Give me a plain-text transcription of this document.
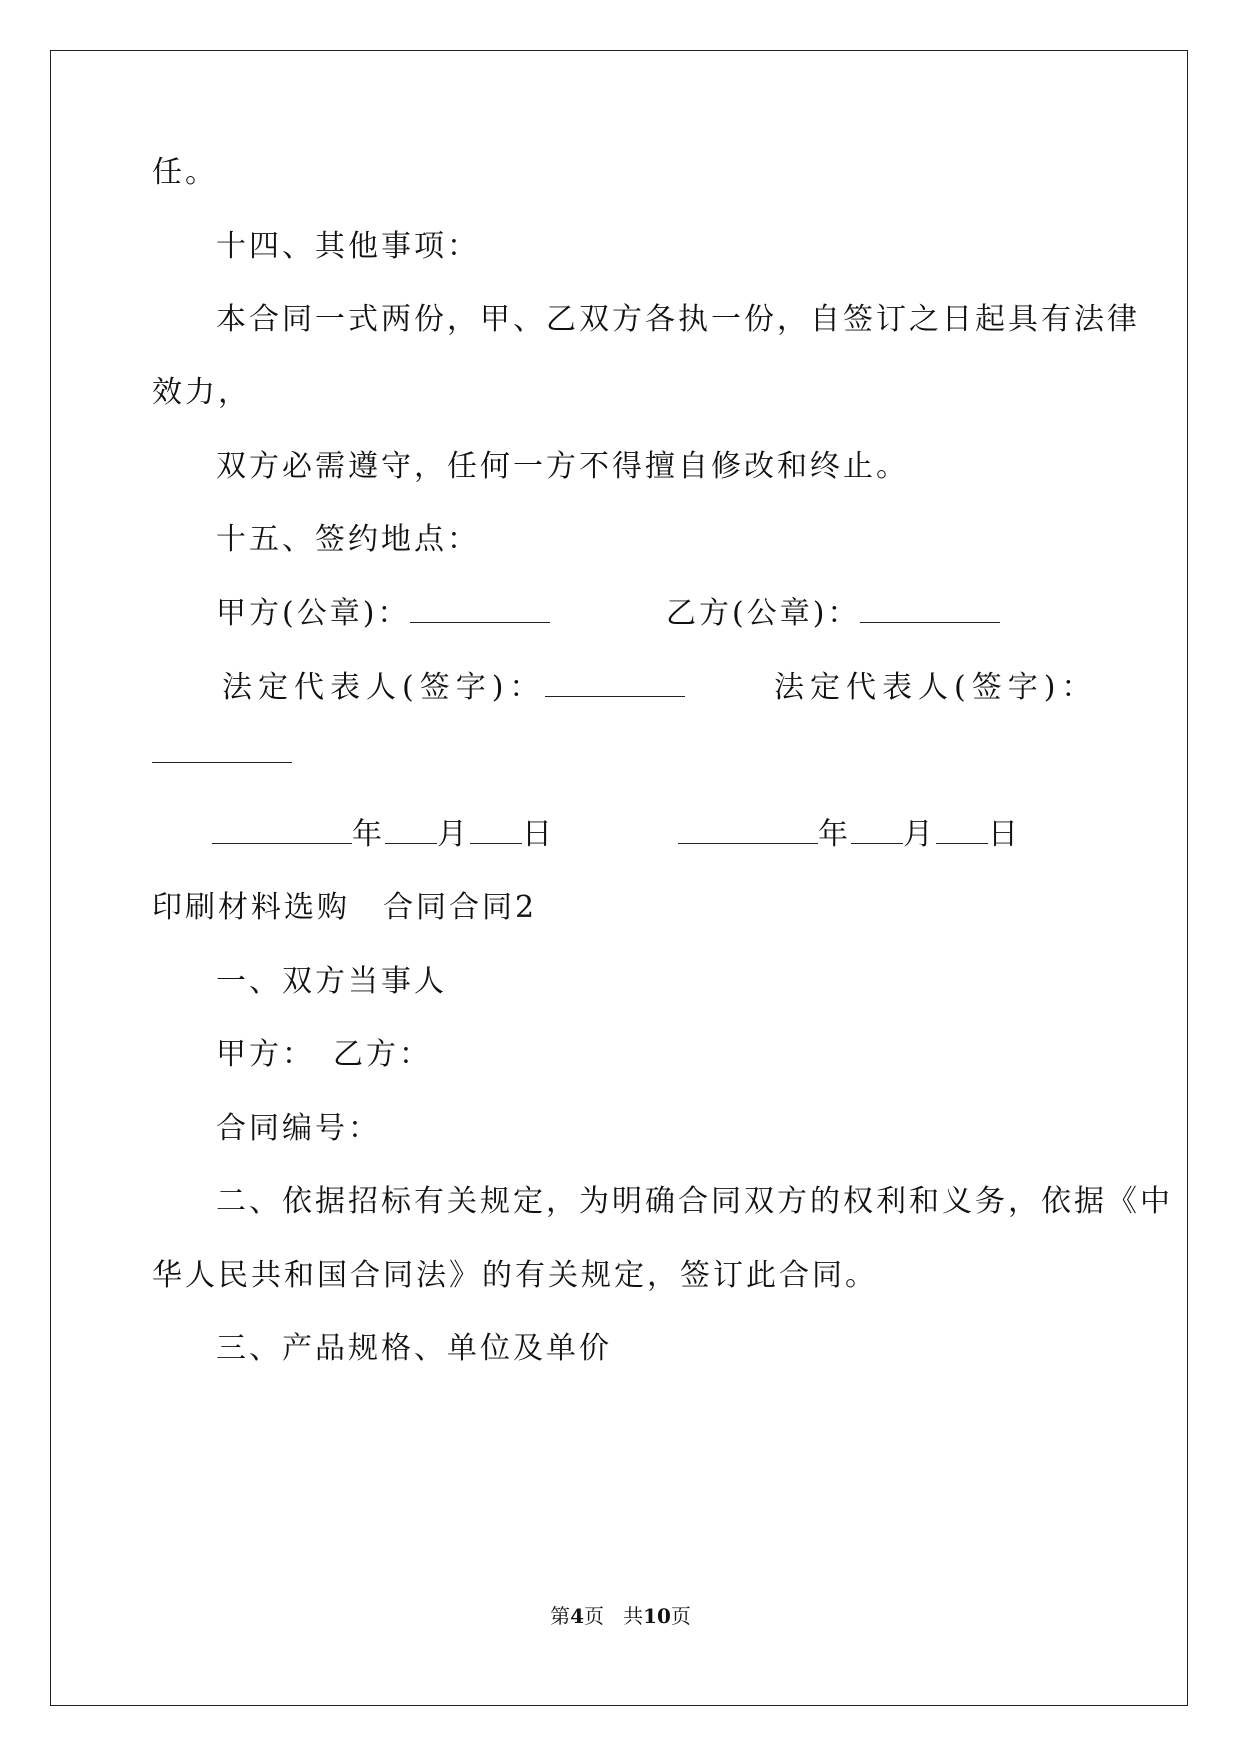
任。
十四、其他事项：
本合同一式两份，甲、乙双方各执一份，自签订之日起具有法律
效力，
双方必需遵守，任何一方不得擅自修改和终止。
十五、签约地点：
甲方(公章)：	乙方(公章)：
法定代表人(签字)：	法定代表人(签字)：
年 月 日	年 月 日
印刷材料选购　合同合同2
一、双方当事人
甲方：　乙方：
合同编号：
二、依据招标有关规定，为明确合同双方的权利和义务，依据《中
华人民共和国合同法》的有关规定，签订此合同。
三、产品规格、单位及单价
第4页 共10页
